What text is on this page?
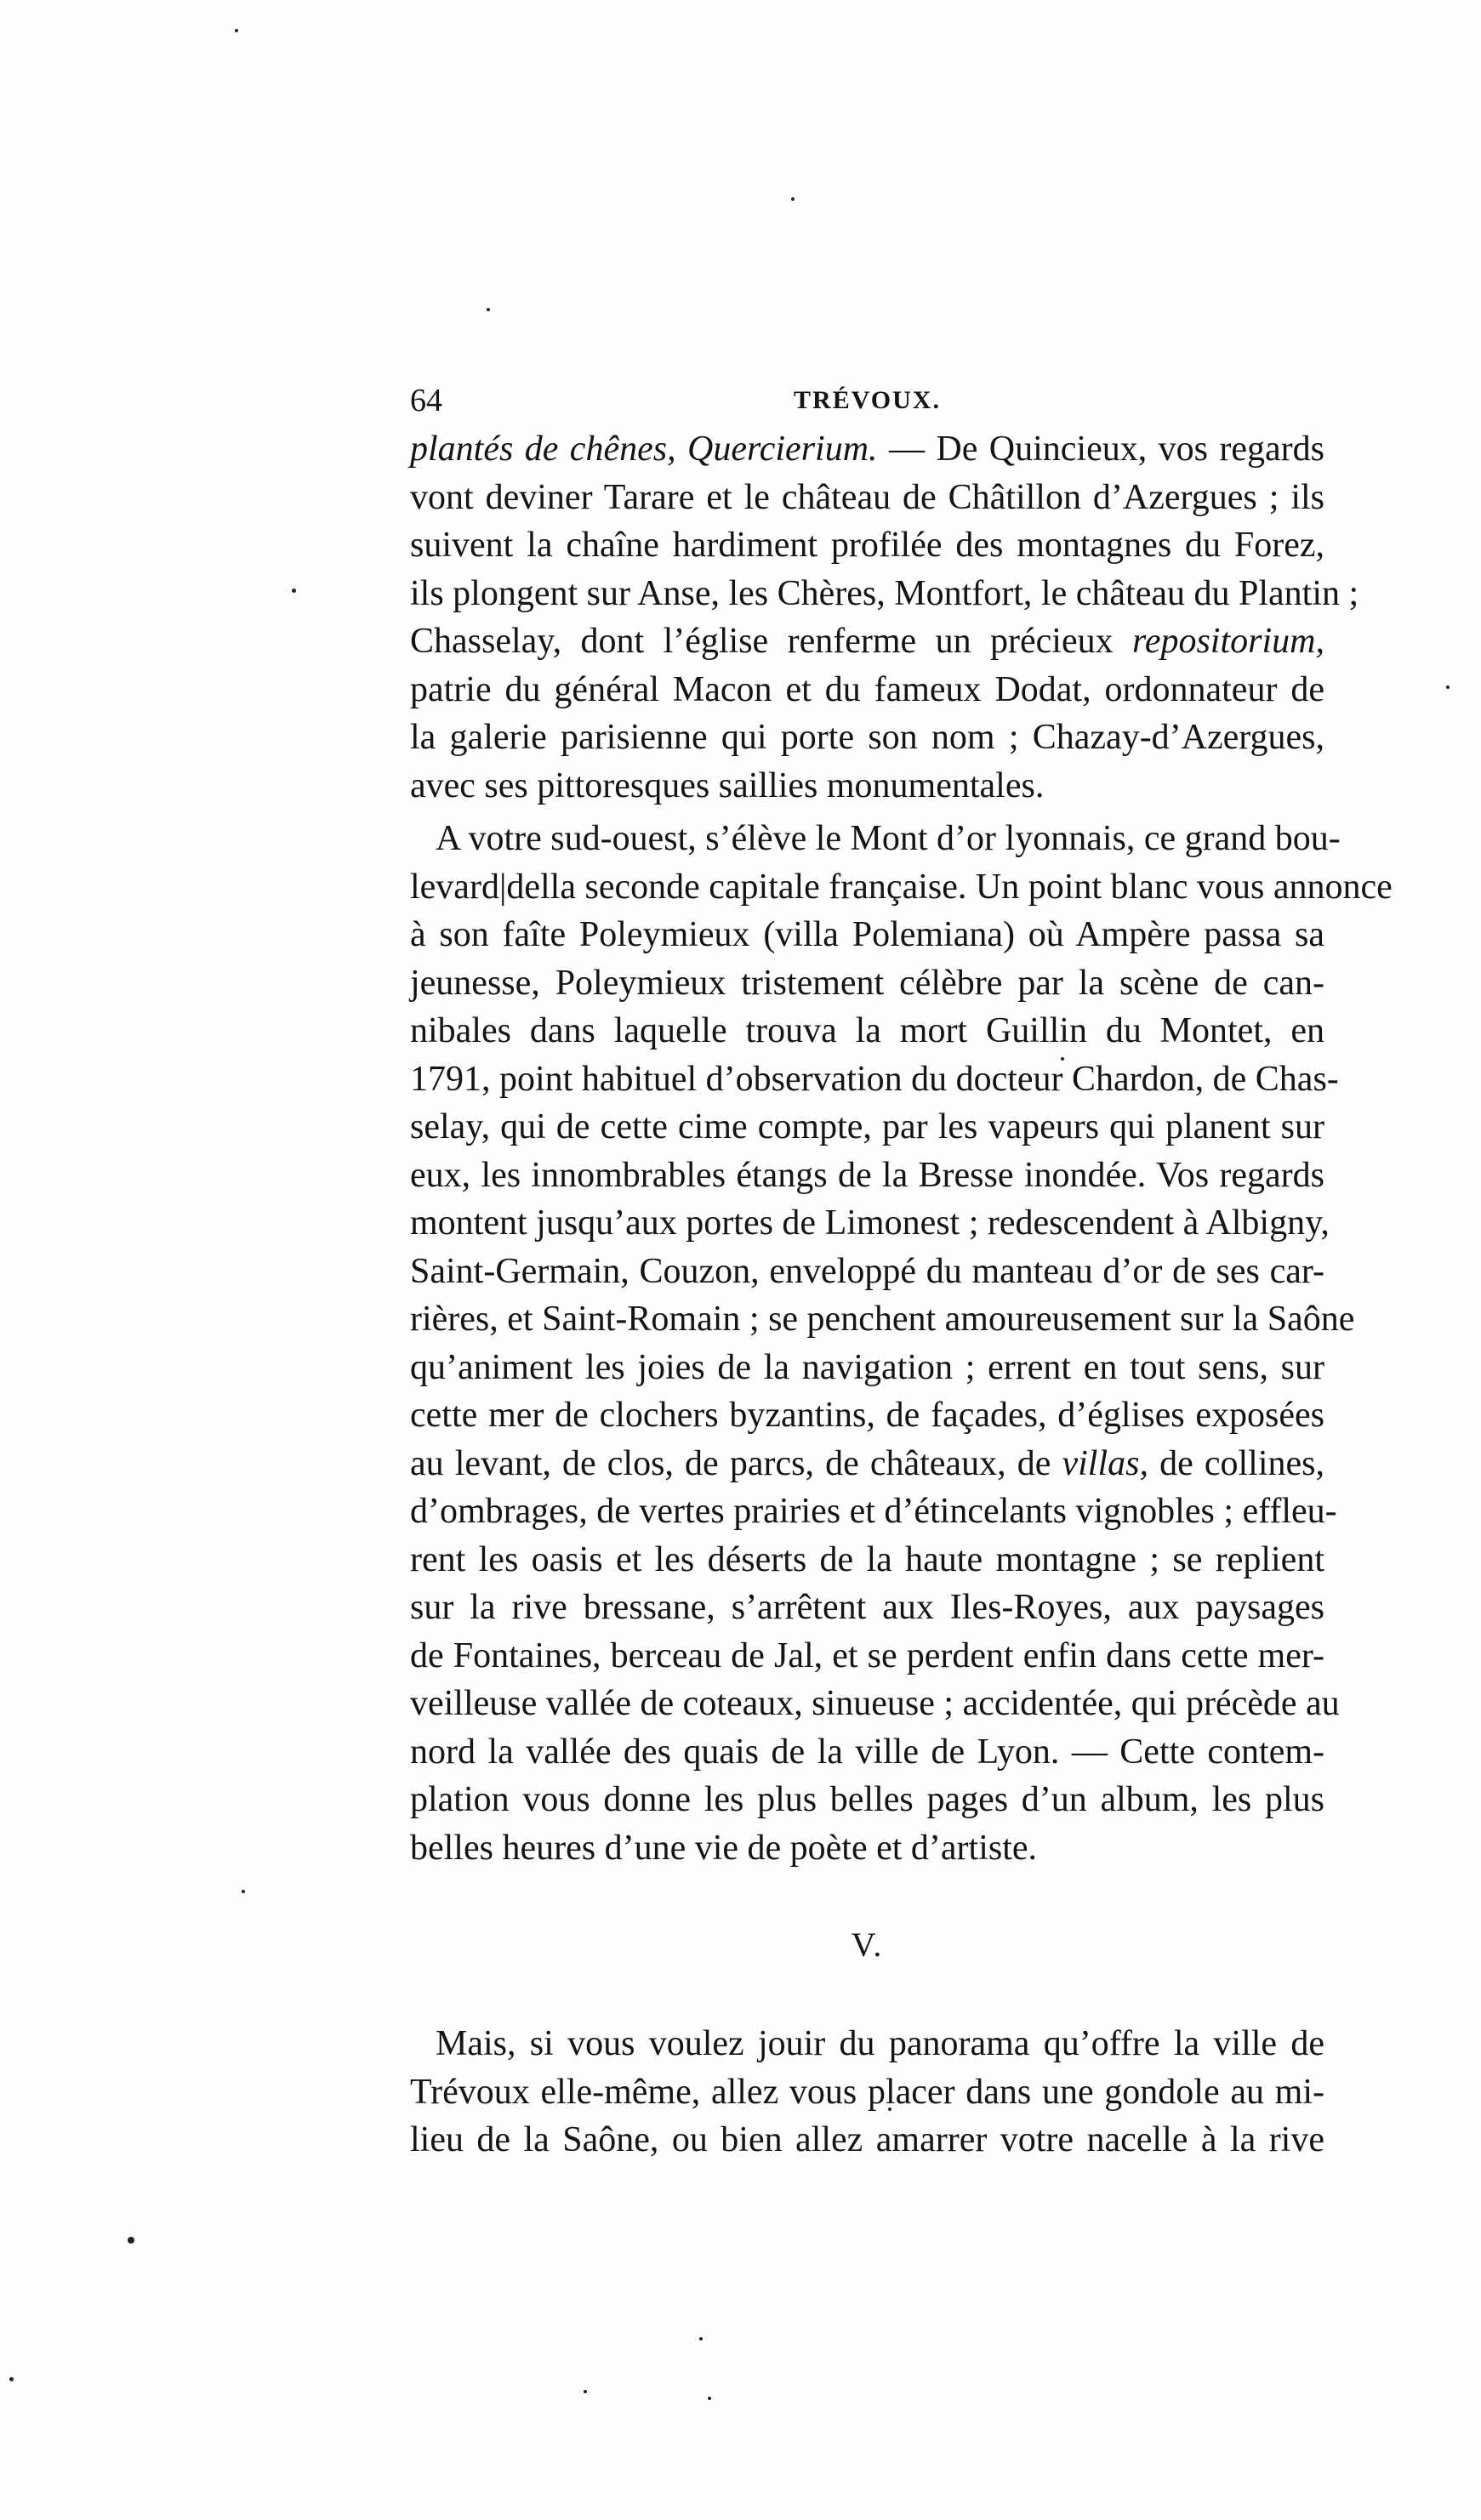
64	TRÉVOUX.

plantés de chênes, Quercierium. — De Quincieux, vos regards
vont deviner Tarare et le château de Châtillon d’Azergues ; ils
suivent la chaîne hardiment profilée des montagnes du Forez,
ils plongent sur Anse, les Chères, Montfort, le château du Plantin ;
Chasselay, dont l’église renferme un précieux repositorium,
patrie du général Macon et du fameux Dodat, ordonnateur de
la galerie parisienne qui porte son nom ; Chazay-d’Azergues,
avec ses pittoresques saillies monumentales.

A votre sud-ouest, s’élève le Mont d’or lyonnais, ce grand bou-
levard|della seconde capitale française. Un point blanc vous annonce
à son faîte Poleymieux (villa Polemiana) où Ampère passa sa
jeunesse, Poleymieux tristement célèbre par la scène de can-
nibales dans laquelle trouva la mort Guillin du Montet, en
1791, point habituel d’observation du docteur Chardon, de Chas-
selay, qui de cette cime compte, par les vapeurs qui planent sur
eux, les innombrables étangs de la Bresse inondée. Vos regards
montent jusqu’aux portes de Limonest ; redescendent à Albigny,
Saint-Germain, Couzon, enveloppé du manteau d’or de ses car-
rières, et Saint-Romain ; se penchent amoureusement sur la Saône
qu’animent les joies de la navigation ; errent en tout sens, sur
cette mer de clochers byzantins, de façades, d’églises exposées
au levant, de clos, de parcs, de châteaux, de villas, de collines,
d’ombrages, de vertes prairies et d’étincelants vignobles ; effleu-
rent les oasis et les déserts de la haute montagne ; se replient
sur la rive bressane, s’arrêtent aux Iles-Royes, aux paysages
de Fontaines, berceau de Jal, et se perdent enfin dans cette mer-
veilleuse vallée de coteaux, sinueuse ; accidentée, qui précède au
nord la vallée des quais de la ville de Lyon. — Cette contem-
plation vous donne les plus belles pages d’un album, les plus
belles heures d’une vie de poète et d’artiste.

V.

Mais, si vous voulez jouir du panorama qu’offre la ville de
Trévoux elle-même, allez vous placer dans une gondole au mi-
lieu de la Saône, ou bien allez amarrer votre nacelle à la rive
